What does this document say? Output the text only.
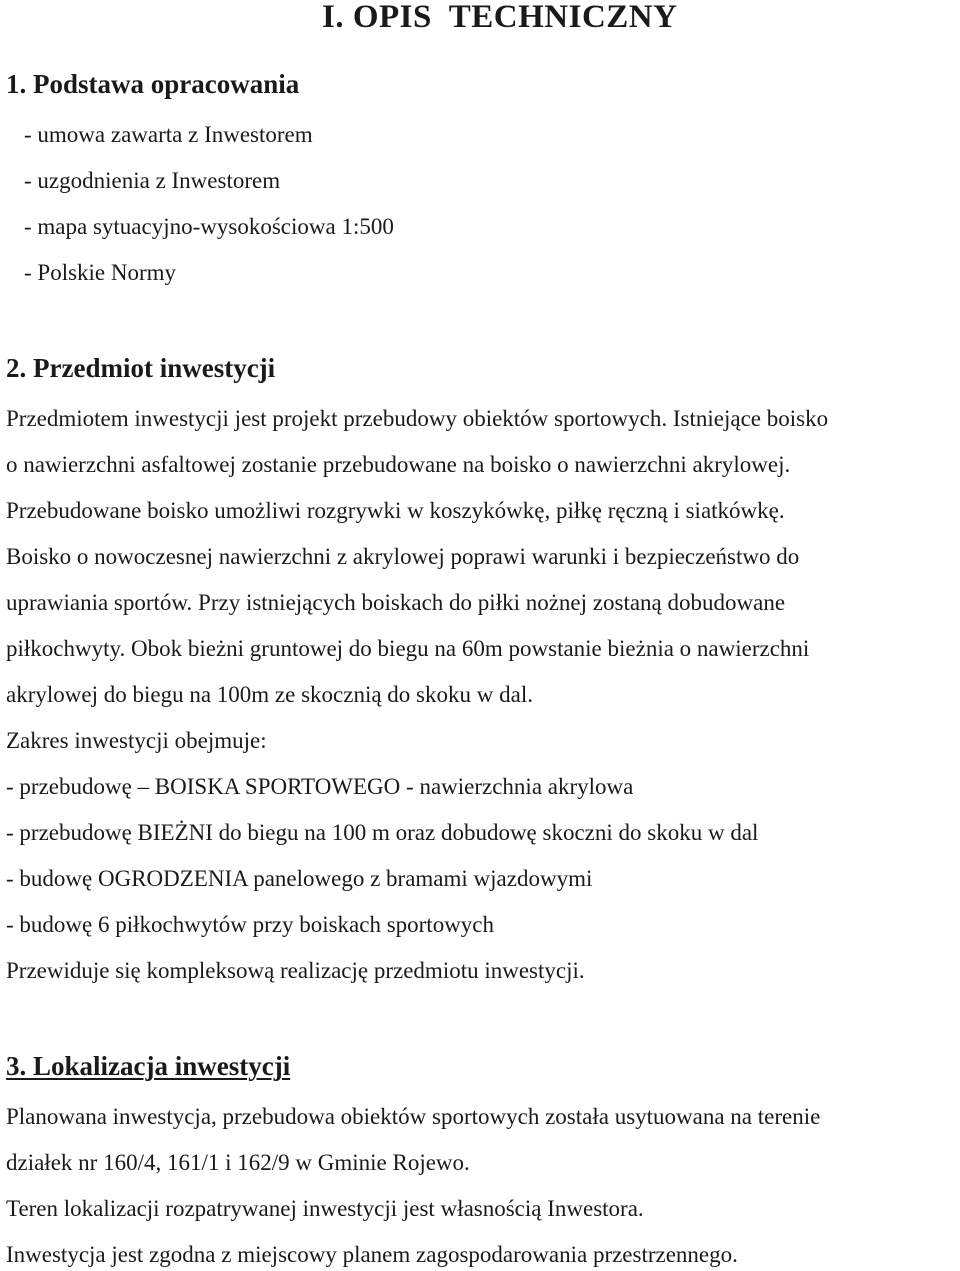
I. OPIS  TECHNICZNY
1. Podstawa opracowania

- umowa zawarta z Inwestorem

- uzgodnienia z Inwestorem

- mapa sytuacyjno-wysokościowa 1:500

- Polskie Normy

2. Przedmiot inwestycji

Przedmiotem inwestycji jest projekt przebudowy obiektów sportowych. Istniejące boisko

o nawierzchni asfaltowej zostanie przebudowane na boisko o nawierzchni akrylowej.

Przebudowane boisko umożliwi rozgrywki w koszykówkę, piłkę ręczną i siatkówkę.

Boisko o nowoczesnej nawierzchni z akrylowej poprawi warunki i bezpieczeństwo do

uprawiania sportów. Przy istniejących boiskach do piłki nożnej zostaną dobudowane

piłkochwyty. Obok bieżni gruntowej do biegu na 60m powstanie bieżnia o nawierzchni

akrylowej do biegu na 100m ze skocznią do skoku w dal.

Zakres inwestycji obejmuje:

- przebudowę – BOISKA SPORTOWEGO - nawierzchnia akrylowa

- przebudowę BIEŻNI do biegu na 100 m oraz dobudowę skoczni do skoku w dal

- budowę OGRODZENIA panelowego z bramami wjazdowymi

- budowę 6 piłkochwytów przy boiskach sportowych

Przewiduje się kompleksową realizację przedmiotu inwestycji.

3. Lokalizacja inwestycji

Planowana inwestycja, przebudowa obiektów sportowych została usytuowana na terenie

działek nr 160/4, 161/1 i 162/9 w Gminie Rojewo.

Teren lokalizacji rozpatrywanej inwestycji jest własnością Inwestora.

Inwestycja jest zgodna z miejscowy planem zagospodarowania przestrzennego.
